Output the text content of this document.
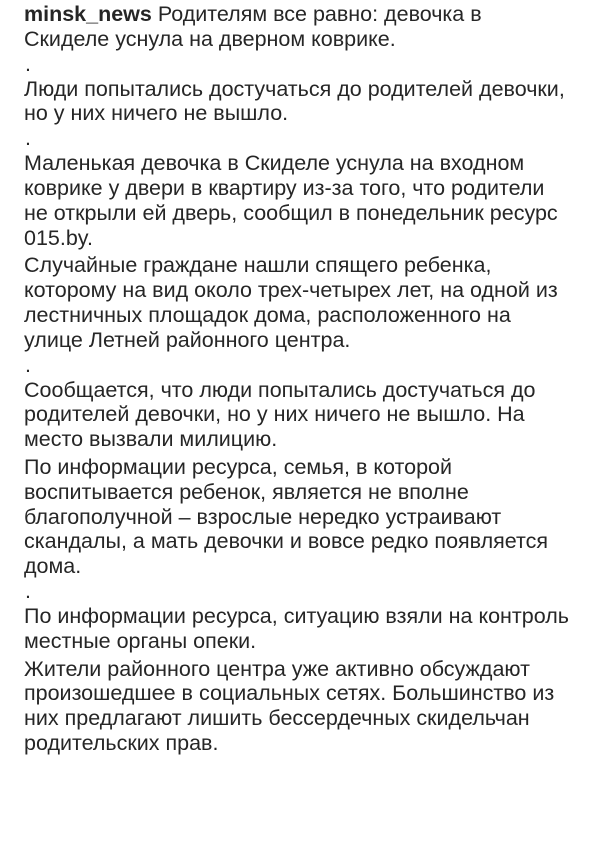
minsk_news Родителям все равно: девочка в Скиделе уснула на дверном коврике.

.

Люди попытались достучаться до родителей девочки, но у них ничего не вышло.

.

Маленькая девочка в Скиделе уснула на входном коврике у двери в квартиру из-за того, что родители не открыли ей дверь, сообщил в понедельник ресурс 015.by.

Случайные граждане нашли спящего ребенка, которому на вид около трех-четырех лет, на одной из лестничных площадок дома, расположенного на улице Летней районного центра.

.

Сообщается, что люди попытались достучаться до родителей девочки, но у них ничего не вышло. На место вызвали милицию.

По информации ресурса, семья, в которой воспитывается ребенок, является не вполне благополучной – взрослые нередко устраивают скандалы, а мать девочки и вовсе редко появляется дома.

.

По информации ресурса, ситуацию взяли на контроль местные органы опеки.

Жители районного центра уже активно обсуждают произошедшее в социальных сетях. Большинство из них предлагают лишить бессердечных скидельчан родительских прав.
